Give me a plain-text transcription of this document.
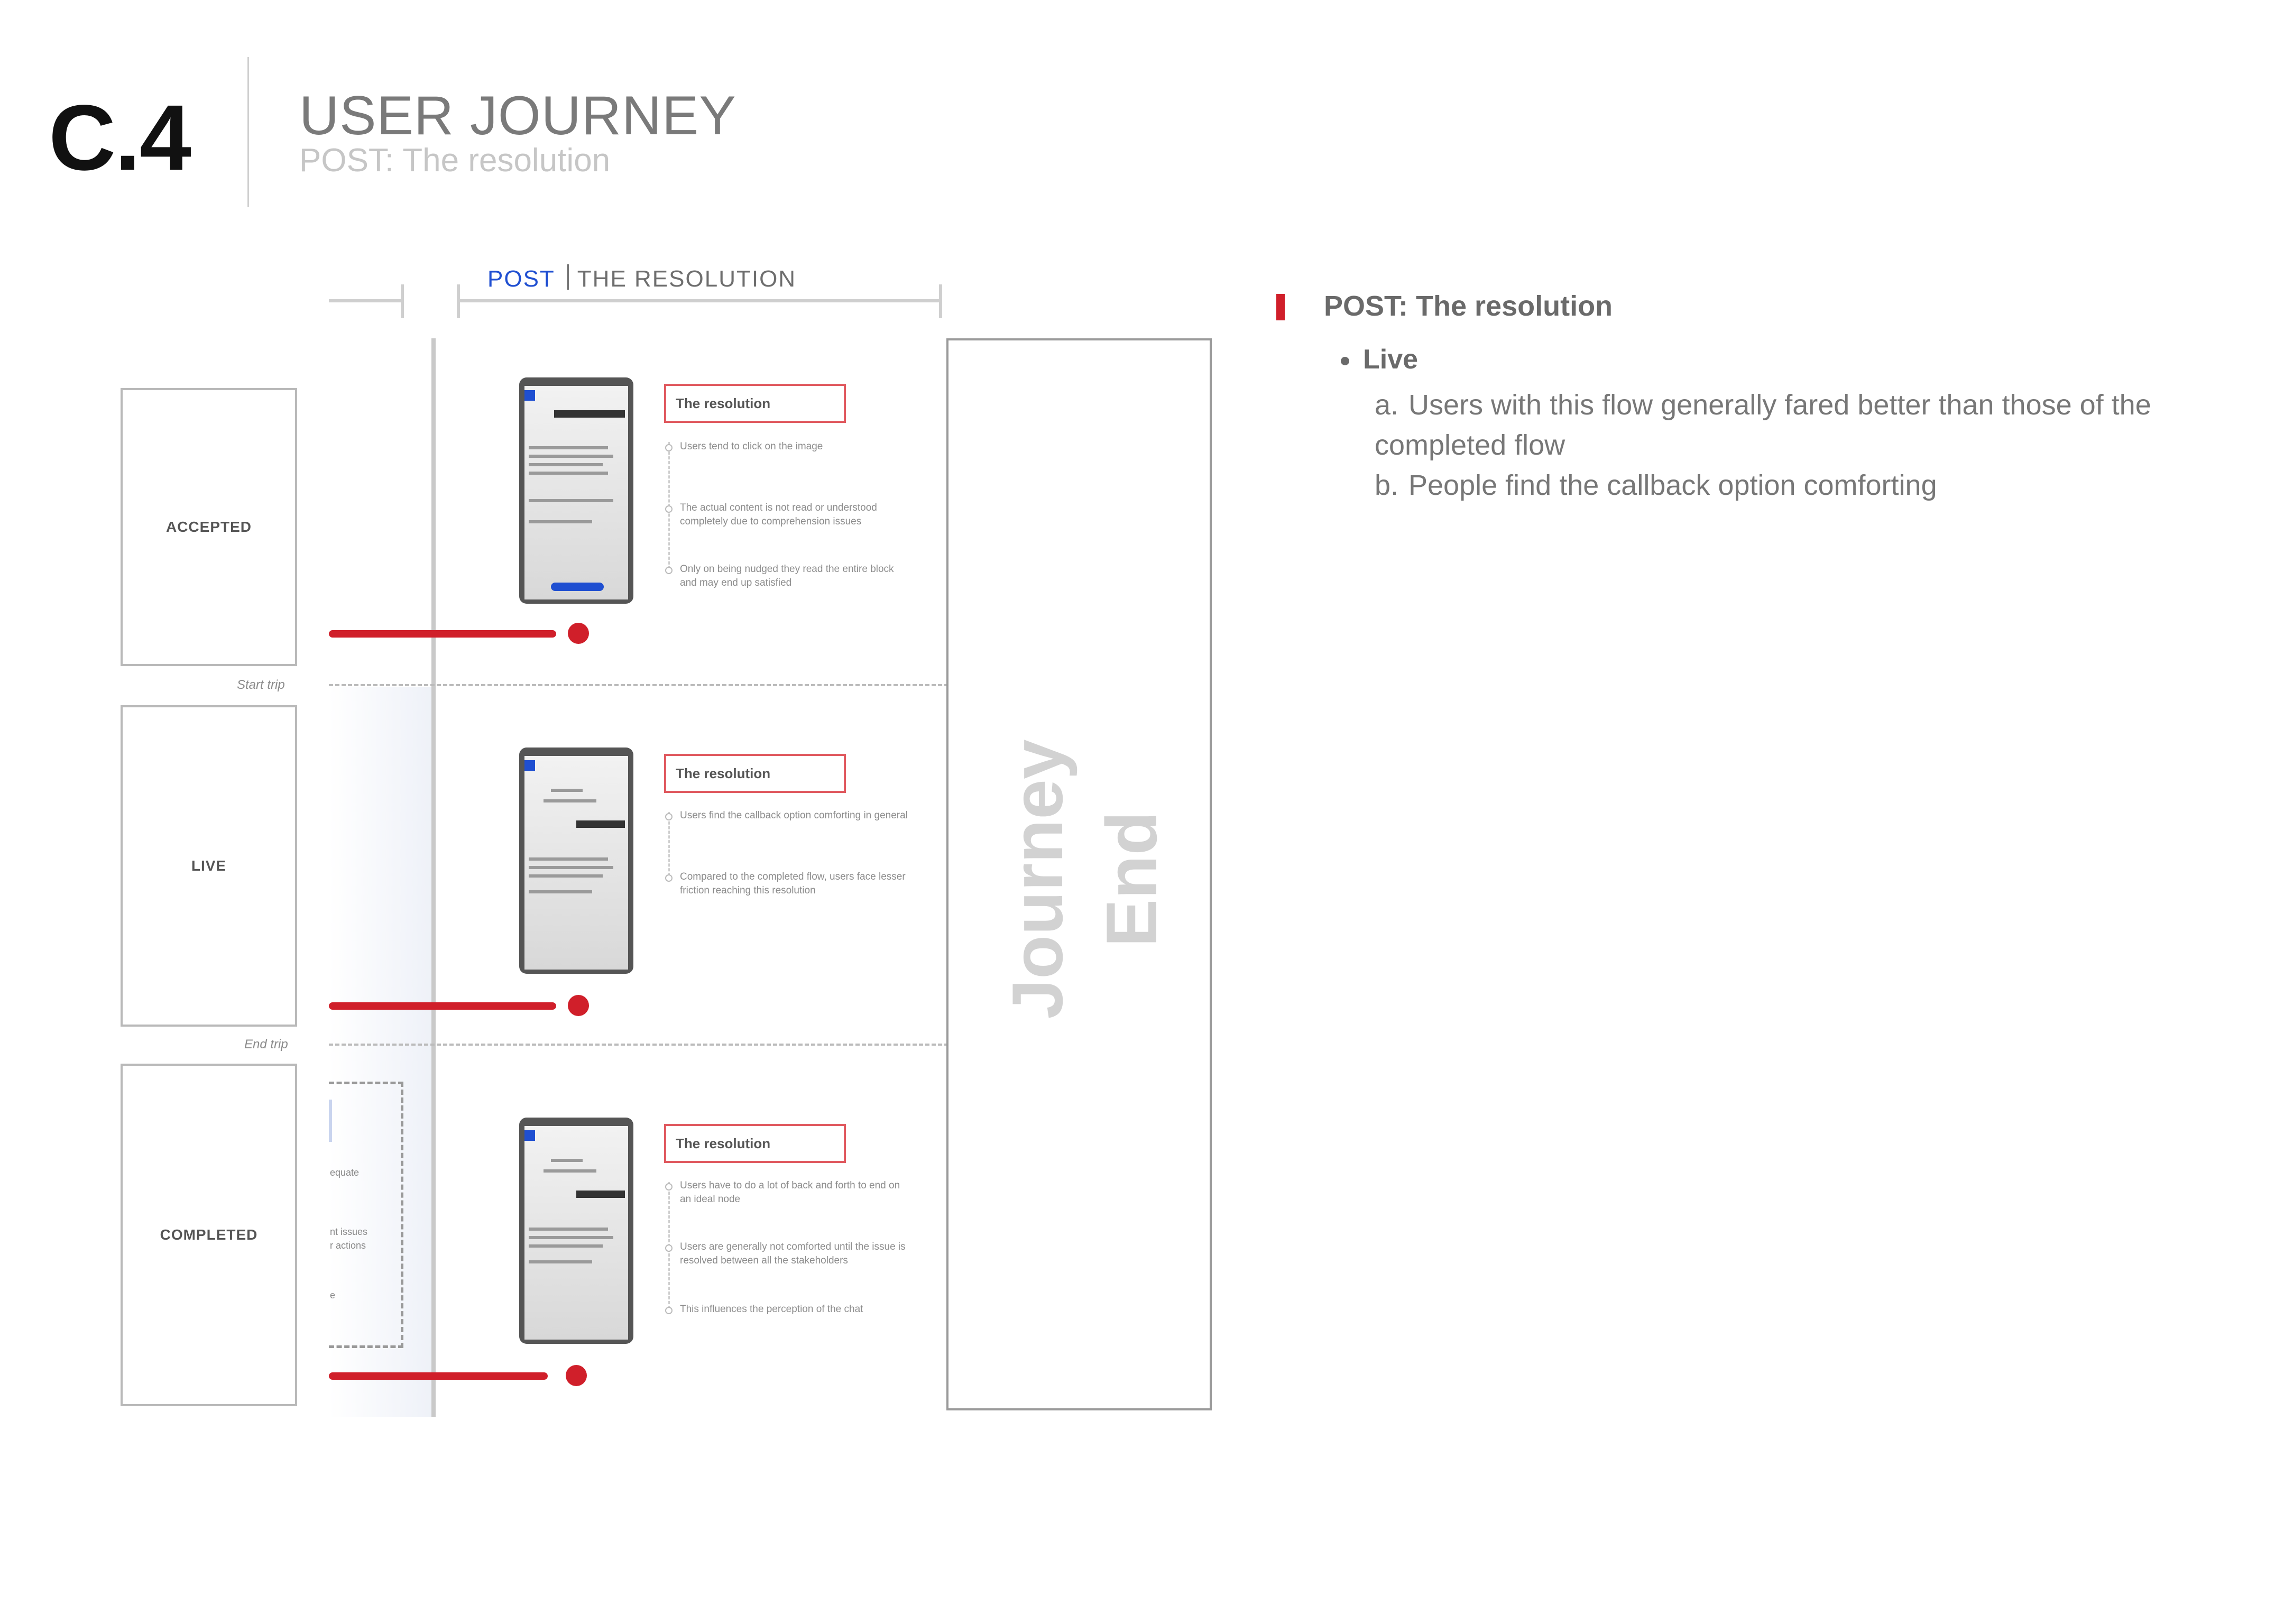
C.4 USER JOURNEY
POST: The resolution
POST THE RESOLUTION
equate
nt issues
r actions
e
ACCEPTED
Start trip
LIVE
End trip
COMPLETED
The resolution
Users tend to click on the image
The actual content is not read or understood completely due to comprehension issues
Only on being nudged they read the entire block and may end up satisfied
The resolution
Users find the callback option comforting in general
Compared to the completed flow, users face lesser friction reaching this resolution
The resolution
Users have to do a lot of back and forth to end on an ideal node
Users are generally not comforted until the issue is resolved between all the stakeholders
This influences the perception of the chat
Journey End
POST: The resolution
Live
a. Users with this flow generally fared better than those of the completed flow
b. People find the callback option comforting
